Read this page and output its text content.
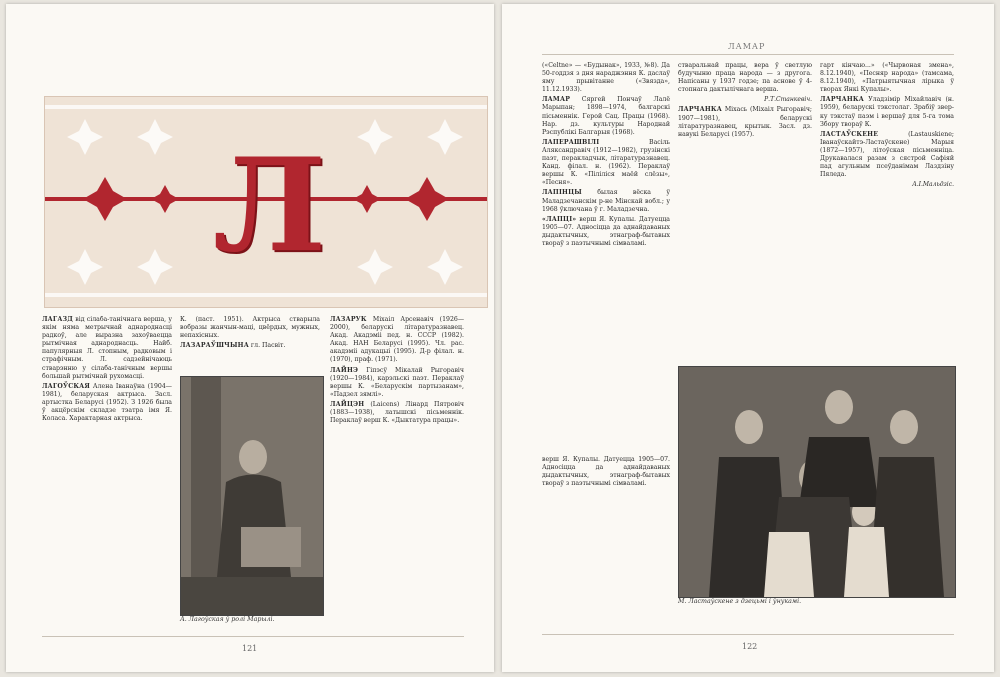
Л

ЛАГАЗД від сілаба-танічнага верша, у якім няма метрычнай аднароднасці радкоў, але выразна захоўваецца рытмічная аднароднасць. Найб. папулярныя Л. стопным, радковым і страфічным. Л. садзейнічаюць стварэнню у сілаба-танічным вершы большай рытмічнай рухомасці.

ЛАГОЎСКАЯ Алена Іванаўна (1904—1981), беларуская актрыса. Засл. артыстка Беларусі (1952). З 1926 была ў акцёрскім складзе тэатра імя Я. Коласа. Характарная актрыса.

К. (паст. 1951). Актрыса стварыла вобразы жанчын-маці, цвёрдых, мужных, непахісных.

ЛАЗАРАЎШЧЫНА гл. Пасвіт.

А. Лагоўская ў ролі Марылі.

ЛАЗАРУК Міхаіл Арсенавіч (1926—2000), беларускі літаратуразнавец. Акад. Акадэміі пед. н. СССР (1982). Акад. НАН Беларусі (1995). Чл. рас. акадэміі адукацыі (1995). Д-р філал. н. (1970), праф. (1971).

ЛАЙНЭ Гіпэсў Мікалай Рыгоравіч (1920—1984), карэльскі паэт. Пераклаў вершы К. «Беларускім партызанам», «Падзел зямлі».

ЛАЙЦЭН (Laicens) Лінард Пятровіч (1883—1938), латышскі пісьменнік. Пераклаў верш К. «Дыктатура працы».

121
ЛАМАР

(«Celtnе» — «Будынак», 1933, №8). Да 50-годдзя з дня нараджэння К. даслаў яму прывітанне («Звязда», 11.12.1933).

ЛАМАР Сяргей Пончаў Лалё Марыпан; 1898—1974, балгарскі пісьменнік. Герой Сац. Працы (1968). Нар. дз. культуры Народнай Рэспублікі Балгарыя (1968).

ЛАПЕРАШВІЛІ	Васіль Аляксандравіч (1912—1982), грузінскі паэт, перакладчык, літаратуразнавец. Канд. філал. н. (1962). Пераклаў вершы К. «Піліліся маёй слёзы», «Песня».

ЛАПІНЦЫ былая вёска ў Маладзечанскім р-не Мінскай вобл.; у 1968 ўключана ў г. Маладзечна.

«ЛАПЦІ» верш Я. Купалы. Датуецца 1905—07. Адносіцца да аднайдаваных дыдактычных, этнаграф-бытавых твораў з паэтычнымі сімваламі.

стваральнай працы, вера ў светлую будучыню праца народа — з другога. Напісаны у 1937 годзе; па аснове ў 4-стопнага дактылічнага верша.

Р.Т.Станкевіч.

ЛАРЧАНКА Міхась (Міхаіл Рыгоравіч; 1907—1981), беларускі літаратуразнавец, крытык. Засл. дз. навукі Беларусі (1957).

гарт кінчаю...» («Чырвоная змена», 8.12.1940), «Песняр народа» (тамсама, 8.12.1940), «Патрыятычная лірыка ў творах Янкі Купалы».

ЛАРЧАНКА Уладзімір Міхайлавіч (н. 1959), беларускі тэкстолаг. Зрабіў звер-ку тэкстаў паэм і вершаў для 5-га тома Збору твораў К.

ЛАСТАЎСКЕНЕ	(Lastauskiene; Іванаўскайтэ-Ластаўскене) Марыя (1872—1957), літоўская пісьменніца. Друкавалася разам з сястрой Сафіяй пад агульным псеўданімам Лаздзіну Пяледа.

А.І.Мальдзіс.

М. Ластаўскене з дзецьмі і ўнукамі.

верш Я. Купалы. Датуецца 1905—07. Адносіцца да аднайдаваных дыдактычных, этнаграф-бытавых твораў з паэтычнымі сімваламі.

122
